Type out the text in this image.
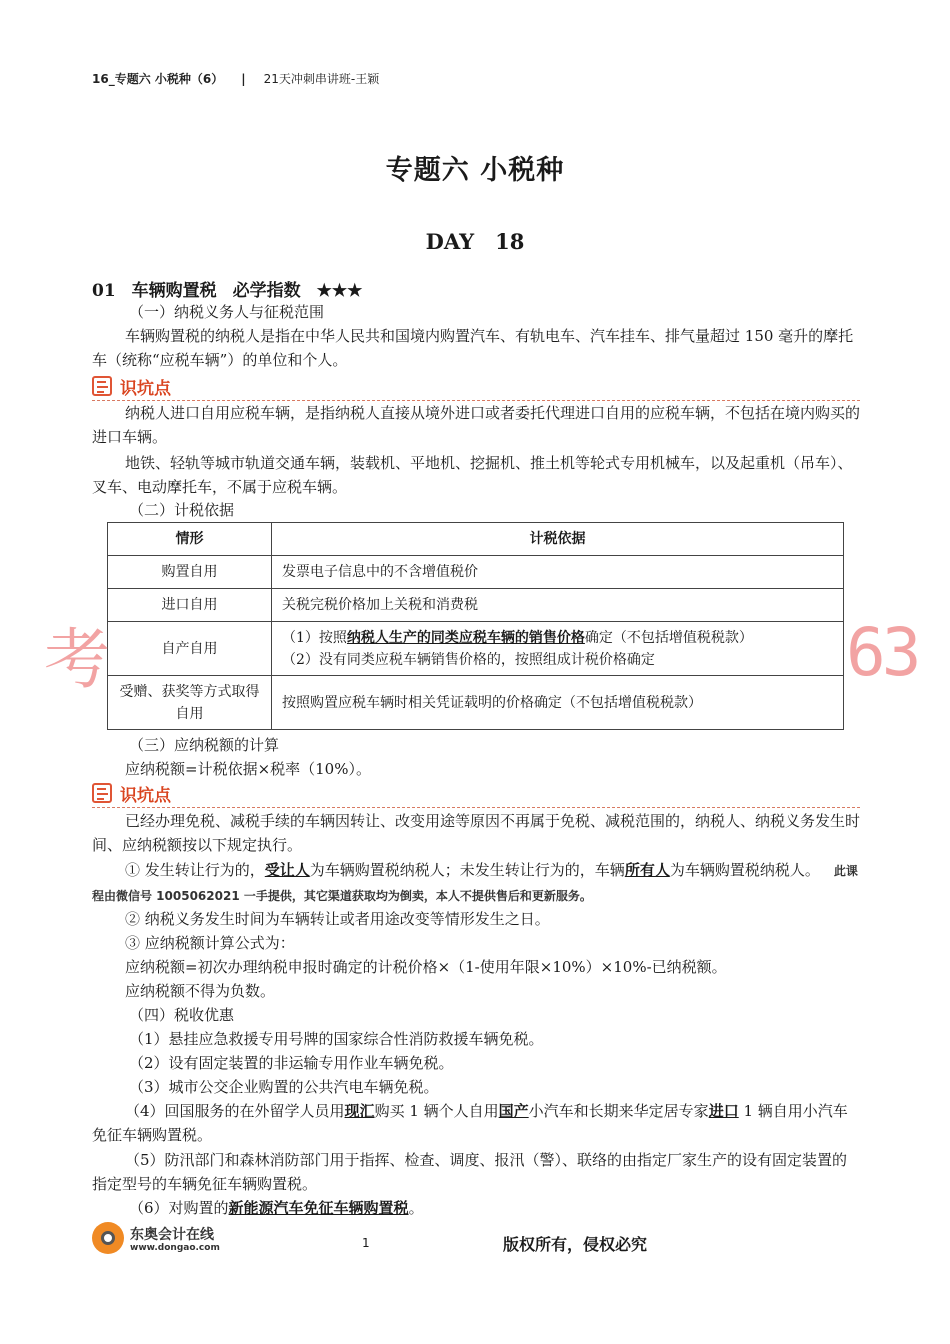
16_专题六 小税种（6） | 21天冲刺串讲班-王颖
专题六 小税种
DAY　18
01 车辆购置税 必学指数 ★★★
（一）纳税义务人与征税范围
车辆购置税的纳税人是指在中华人民共和国境内购置汽车、有轨电车、汽车挂车、排气量超过 150 毫升的摩托车（统称“应税车辆”）的单位和个人。
识坑点
纳税人进口自用应税车辆，是指纳税人直接从境外进口或者委托代理进口自用的应税车辆，不包括在境内购买的进口车辆。
地铁、轻轨等城市轨道交通车辆，装载机、平地机、挖掘机、推土机等轮式专用机械车，以及起重机（吊车）、叉车、电动摩托车，不属于应税车辆。
（二）计税依据
情形	计税依据
购置自用	发票电子信息中的不含增值税价
进口自用	关税完税价格加上关税和消费税
自产自用	（1）按照纳税人生产的同类应税车辆的销售价格确定（不包括增值税税款）
（2）没有同类应税车辆销售价格的，按照组成计税价格确定

受赠、获奖等方式取得自用	按照购置应税车辆时相关凭证载明的价格确定（不包括增值税税款）
考	63
（三）应纳税额的计算
应纳税额=计税依据×税率（10%）。
识坑点
已经办理免税、减税手续的车辆因转让、改变用途等原因不再属于免税、减税范围的，纳税人、纳税义务发生时间、应纳税额按以下规定执行。
① 发生转让行为的，受让人为车辆购置税纳税人；未发生转让行为的，车辆所有人为车辆购置税纳税人。 此课程由微信号 1005062021 一手提供，其它渠道获取均为倒卖，本人不提供售后和更新服务。
② 纳税义务发生时间为车辆转让或者用途改变等情形发生之日。
③ 应纳税额计算公式为：
应纳税额=初次办理纳税申报时确定的计税价格×（1-使用年限×10%）×10%-已纳税额。
应纳税额不得为负数。
（四）税收优惠
（1）悬挂应急救援专用号牌的国家综合性消防救援车辆免税。
（2）设有固定装置的非运输专用作业车辆免税。
（3）城市公交企业购置的公共汽电车辆免税。
（4）回国服务的在外留学人员用现汇购买 1 辆个人自用国产小汽车和长期来华定居专家进口 1 辆自用小汽车免征车辆购置税。
（5）防汛部门和森林消防部门用于指挥、检查、调度、报汛（警）、联络的由指定厂家生产的设有固定装置的指定型号的车辆免征车辆购置税。
（6）对购置的新能源汽车免征车辆购置税。
东奥会计在线
www.dongao.com	1	版权所有，侵权必究
